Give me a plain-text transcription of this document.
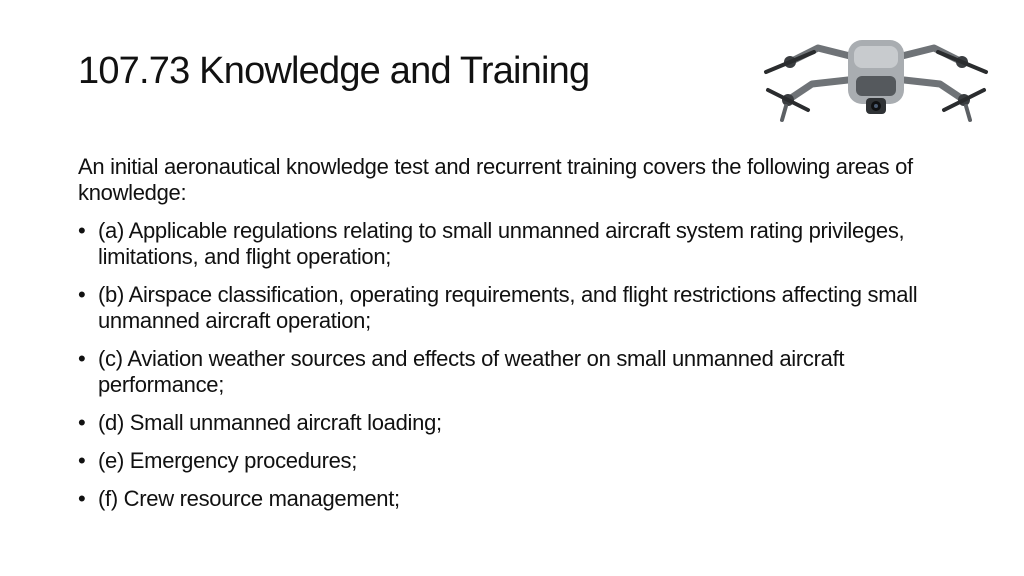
107.73 Knowledge and Training

An initial aeronautical knowledge test and recurrent training covers the following areas of knowledge:

• (a) Applicable regulations relating to small unmanned aircraft system rating privileges, limitations, and flight operation;
• (b) Airspace classification, operating requirements, and flight restrictions affecting small unmanned aircraft operation;
• (c) Aviation weather sources and effects of weather on small unmanned aircraft performance;
• (d) Small unmanned aircraft loading;
• (e) Emergency procedures;
• (f) Crew resource management;
